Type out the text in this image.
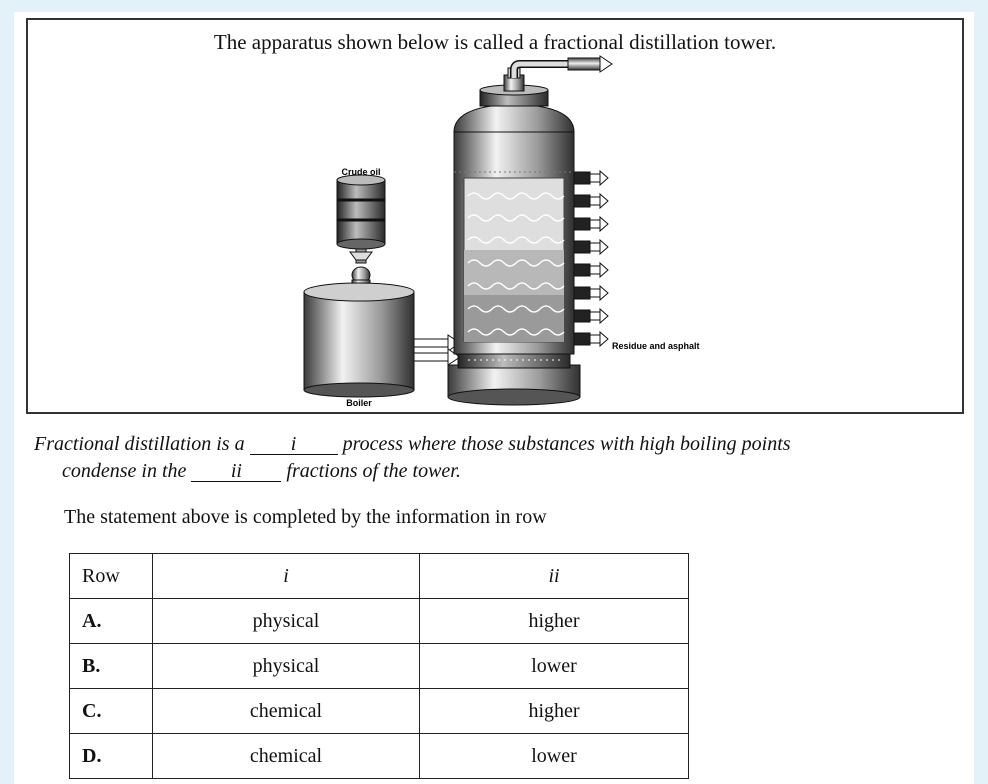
The apparatus shown below is called a fractional distillation tower.
Crude oil
Boiler
Residue and asphalt
Fractional distillation is a i process where those substances with high boiling points
condense in the ii fractions of the tower.
The statement above is completed by the information in row
Row	i	ii
A.	physical	higher
B.	physical	lower
C.	chemical	higher
D.	chemical	lower
